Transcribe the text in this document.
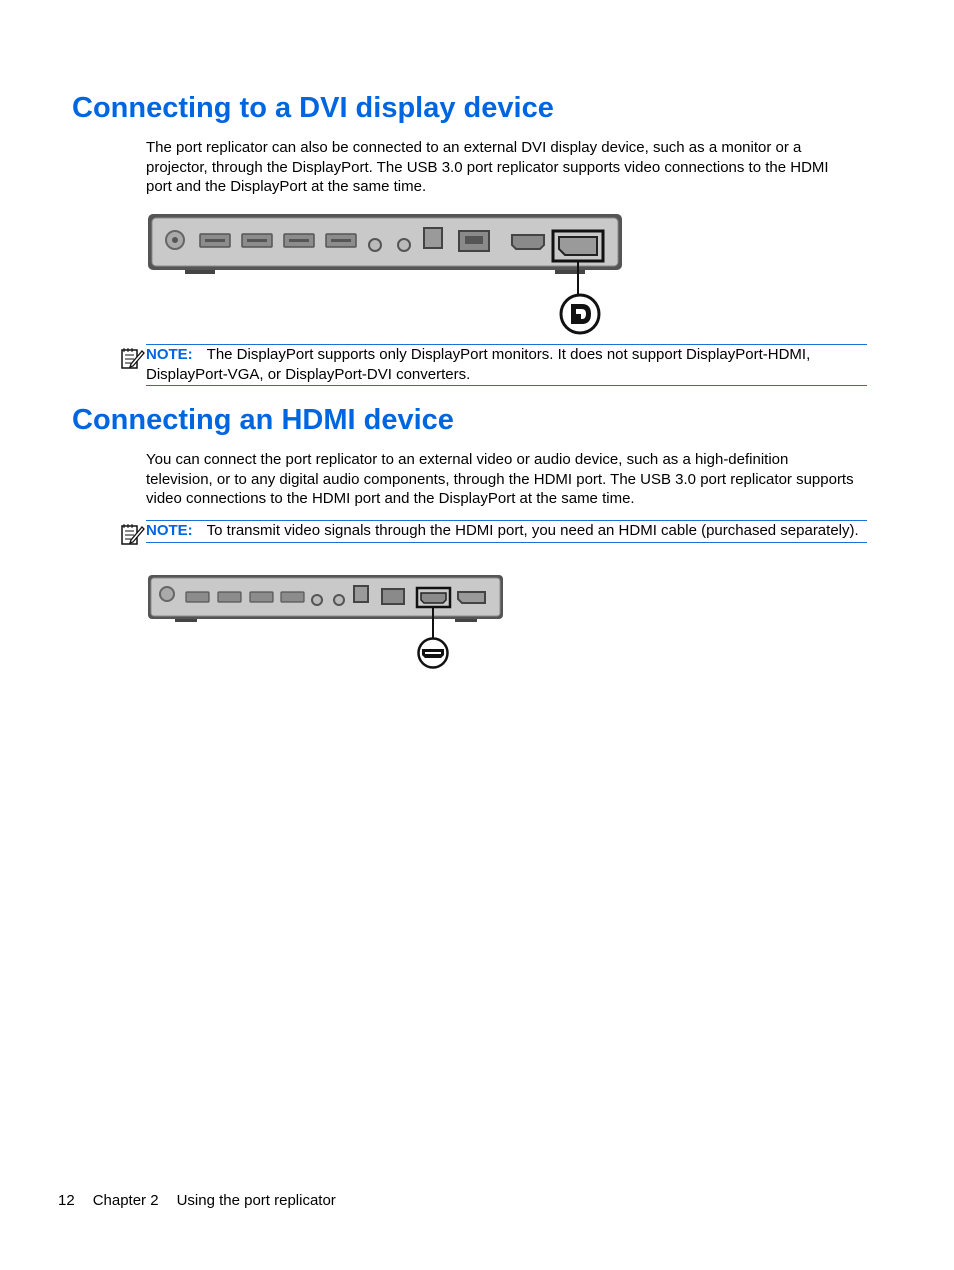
Connecting to a DVI display device

The port replicator can also be connected to an external DVI display device, such as a monitor or a projector, through the DisplayPort. The USB 3.0 port replicator supports video connections to the HDMI port and the DisplayPort at the same time.

NOTE: The DisplayPort supports only DisplayPort monitors. It does not support DisplayPort-HDMI, DisplayPort-VGA, or DisplayPort-DVI converters.
Connecting an HDMI device

You can connect the port replicator to an external video or audio device, such as a high-definition television, or to any digital audio components, through the HDMI port. The USB 3.0 port replicator supports video connections to the HDMI port and the DisplayPort at the same time.

NOTE: To transmit video signals through the HDMI port, you need an HDMI cable (purchased separately).
12 Chapter 2 Using the port replicator
